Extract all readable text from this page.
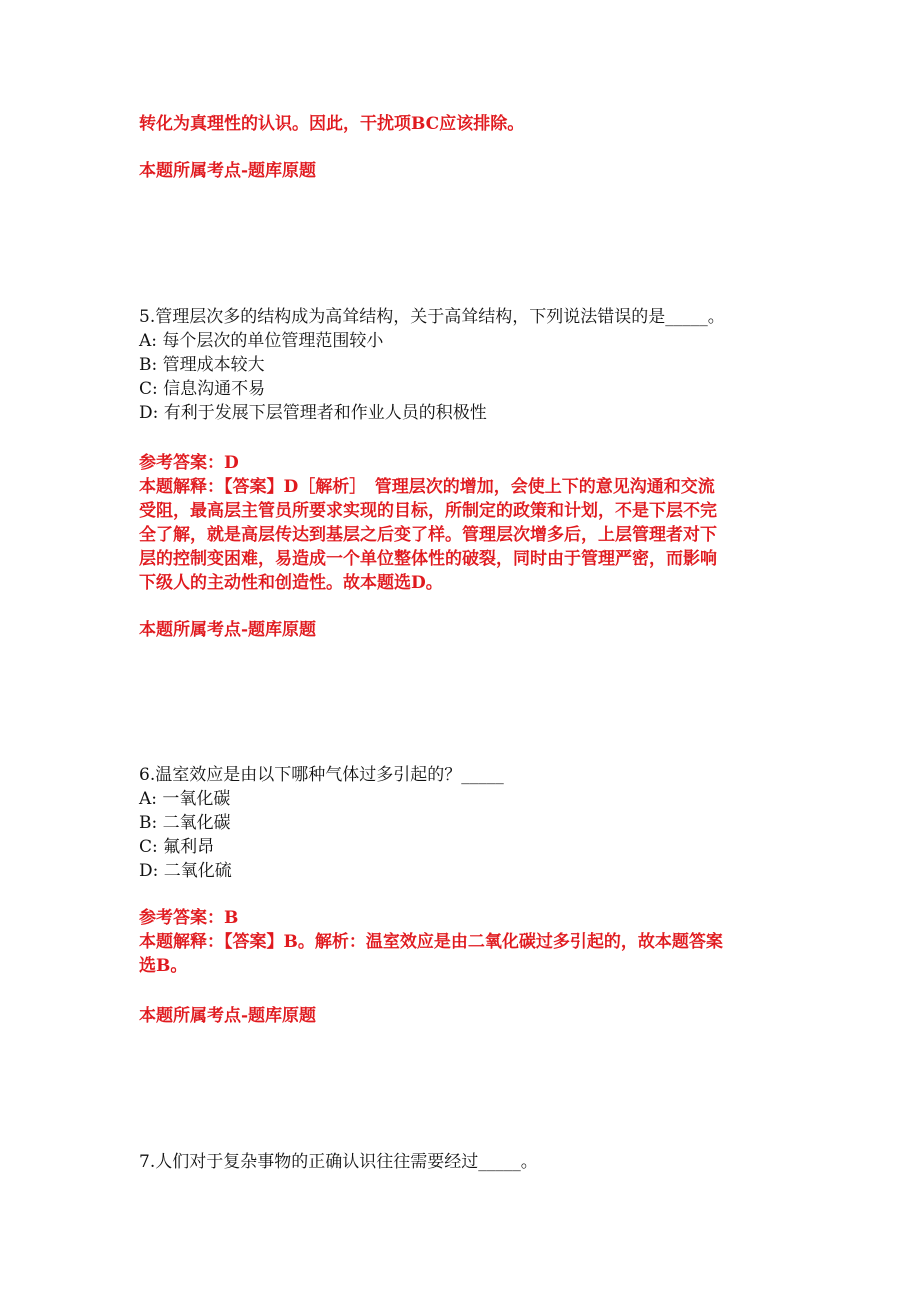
转化为真理性的认识。因此，干扰项BC应该排除。
本题所属考点-题库原题
5.管理层次多的结构成为高耸结构，关于高耸结构，下列说法错误的是_____。
A: 每个层次的单位管理范围较小
B: 管理成本较大
C: 信息沟通不易
D: 有利于发展下层管理者和作业人员的积极性
参考答案：D
本题解释：【答案】D［解析］　管理层次的增加，会使上下的意见沟通和交流
受阻，最高层主管员所要求实现的目标，所制定的政策和计划，不是下层不完
全了解，就是高层传达到基层之后变了样。管理层次增多后，上层管理者对下
层的控制变困难，易造成一个单位整体性的破裂，同时由于管理严密，而影响
下级人的主动性和创造性。故本题选D。
本题所属考点-题库原题
6.温室效应是由以下哪种气体过多引起的？_____
A: 一氧化碳
B: 二氧化碳
C: 氟利昂
D: 二氧化硫
参考答案：B
本题解释：【答案】B。解析：温室效应是由二氧化碳过多引起的，故本题答案
选B。
本题所属考点-题库原题
7.人们对于复杂事物的正确认识往往需要经过_____。
